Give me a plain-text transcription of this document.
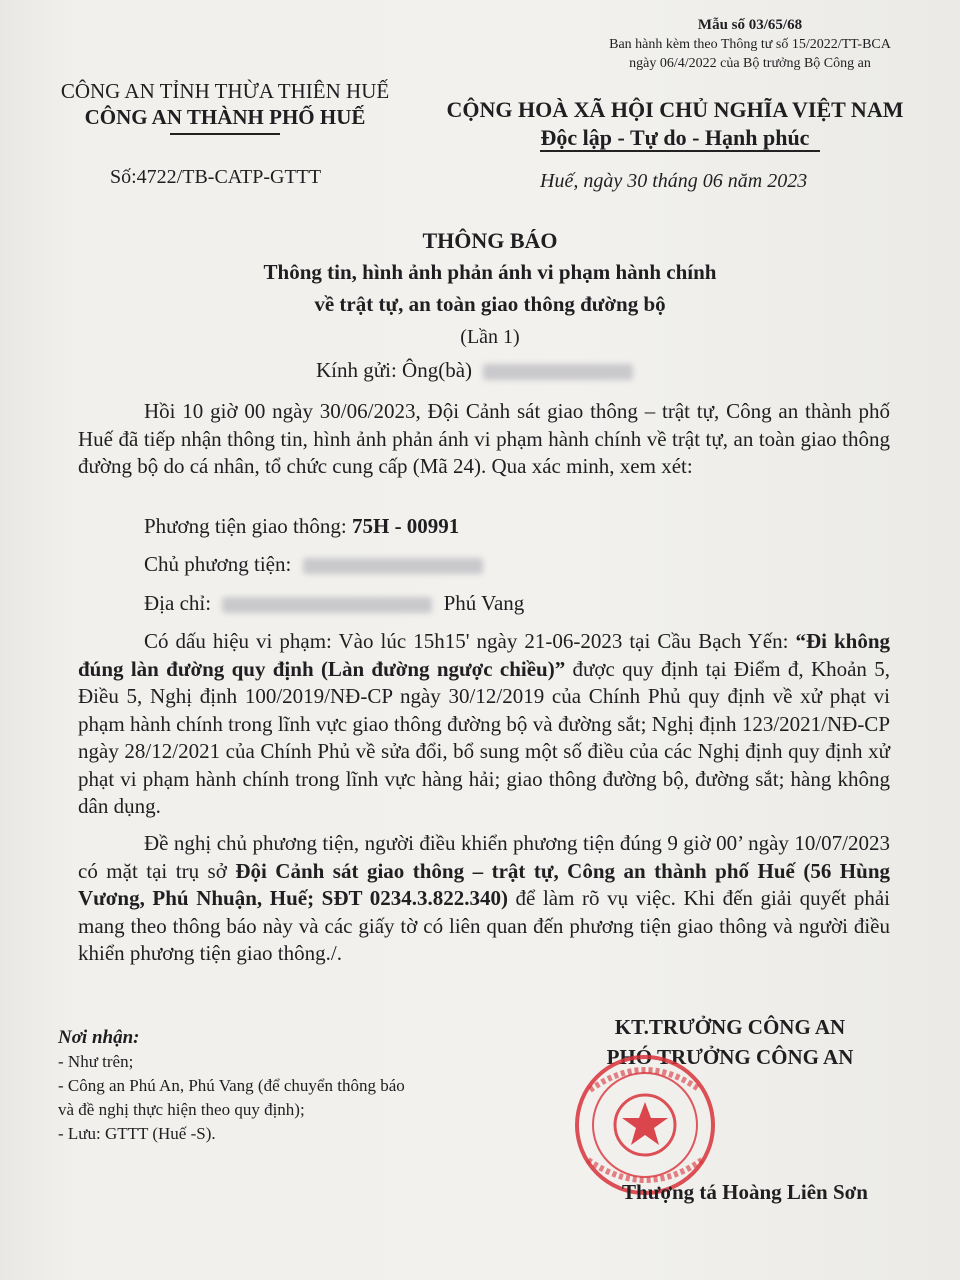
Mẫu số 03/65/68
Ban hành kèm theo Thông tư số 15/2022/TT-BCA
ngày 06/4/2022 của Bộ trưởng Bộ Công an
CÔNG AN TỈNH THỪA THIÊN HUẾ
CÔNG AN THÀNH PHỐ HUẾ
Số:4722/TB-CATP-GTTT
CỘNG HOÀ XÃ HỘI CHỦ NGHĨA VIỆT NAM
Độc lập - Tự do - Hạnh phúc
Huế, ngày 30 tháng 06 năm 2023
THÔNG BÁO
Thông tin, hình ảnh phản ánh vi phạm hành chính
về trật tự, an toàn giao thông đường bộ
(Lần 1)
Kính gửi: Ông(bà)
Hồi 10 giờ 00 ngày 30/06/2023, Đội Cảnh sát giao thông – trật tự, Công an thành phố Huế đã tiếp nhận thông tin, hình ảnh phản ánh vi phạm hành chính về trật tự, an toàn giao thông đường bộ do cá nhân, tổ chức cung cấp (Mã 24). Qua xác minh, xem xét:
Phương tiện giao thông: 75H - 00991
Chủ phương tiện:
Địa chỉ:	Phú Vang
Có dấu hiệu vi phạm: Vào lúc 15h15' ngày 21-06-2023 tại Cầu Bạch Yến: “Đi không đúng làn đường quy định (Làn đường ngược chiều)” được quy định tại Điểm đ, Khoản 5, Điều 5, Nghị định 100/2019/NĐ-CP ngày 30/12/2019 của Chính Phủ quy định về xử phạt vi phạm hành chính trong lĩnh vực giao thông đường bộ và đường sắt; Nghị định 123/2021/NĐ-CP ngày 28/12/2021 của Chính Phủ về sửa đổi, bổ sung một số điều của các Nghị định quy định xử phạt vi phạm hành chính trong lĩnh vực hàng hải; giao thông đường bộ, đường sắt; hàng không dân dụng.
Đề nghị chủ phương tiện, người điều khiển phương tiện đúng 9 giờ 00’ ngày 10/07/2023 có mặt tại trụ sở Đội Cảnh sát giao thông – trật tự, Công an thành phố Huế (56 Hùng Vương, Phú Nhuận, Huế; SĐT 0234.3.822.340) để làm rõ vụ việc. Khi đến giải quyết phải mang theo thông báo này và các giấy tờ có liên quan đến phương tiện giao thông và người điều khiển phương tiện giao thông./.
Nơi nhận:
- Như trên;
- Công an Phú An, Phú Vang (để chuyển thông báo
và đề nghị thực hiện theo quy định);
- Lưu: GTTT (Huế -S).
KT.TRƯỞNG CÔNG AN
PHÓ TRƯỞNG CÔNG AN
Thượng tá Hoàng Liên Sơn
